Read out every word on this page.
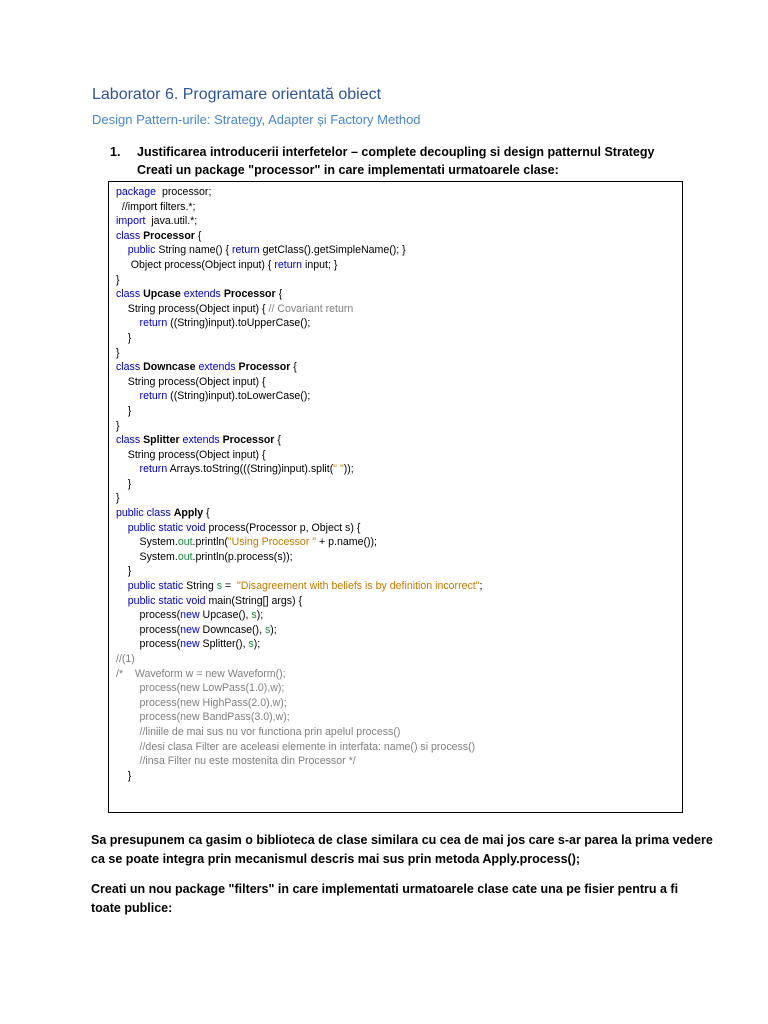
Laborator 6. Programare orientată obiect
Design Pattern-urile: Strategy, Adapter și Factory Method
1. Justificarea introducerii interfetelor – complete decoupling si design patternul Strategy
Creati un package "processor" in care implementati urmatoarele clase:
package  processor;
//import filters.*;
import  java.util.*;
class Processor {
public String name() { return getClass().getSimpleName(); }
Object process(Object input) { return input; }
}
class Upcase extends Processor {
String process(Object input) { // Covariant return
return ((String)input).toUpperCase();
}
}
class Downcase extends Processor {
String process(Object input) {
return ((String)input).toLowerCase();
}
}
class Splitter extends Processor {
String process(Object input) {
return Arrays.toString(((String)input).split(" "));
}
}
public class Apply {
public static void process(Processor p, Object s) {
System.out.println("Using Processor " + p.name());
System.out.println(p.process(s));
}
public static String s =  "Disagreement with beliefs is by definition incorrect";
public static void main(String[] args) {
process(new Upcase(), s);
process(new Downcase(), s);
process(new Splitter(), s);
//(1)
/*    Waveform w = new Waveform();
process(new LowPass(1.0),w);
process(new HighPass(2.0),w);
process(new BandPass(3.0),w);
//liniile de mai sus nu vor functiona prin apelul process()
//desi clasa Filter are aceleasi elemente in interfata: name() si process()
//insa Filter nu este mostenita din Processor */
}
Sa presupunem ca gasim o biblioteca de clase similara cu cea de mai jos care s-ar parea la prima vedere
ca se poate integra prin mecanismul descris mai sus prin metoda Apply.process();
Creati un nou package "filters" in care implementati urmatoarele clase cate una pe fisier pentru a fi
toate publice:
